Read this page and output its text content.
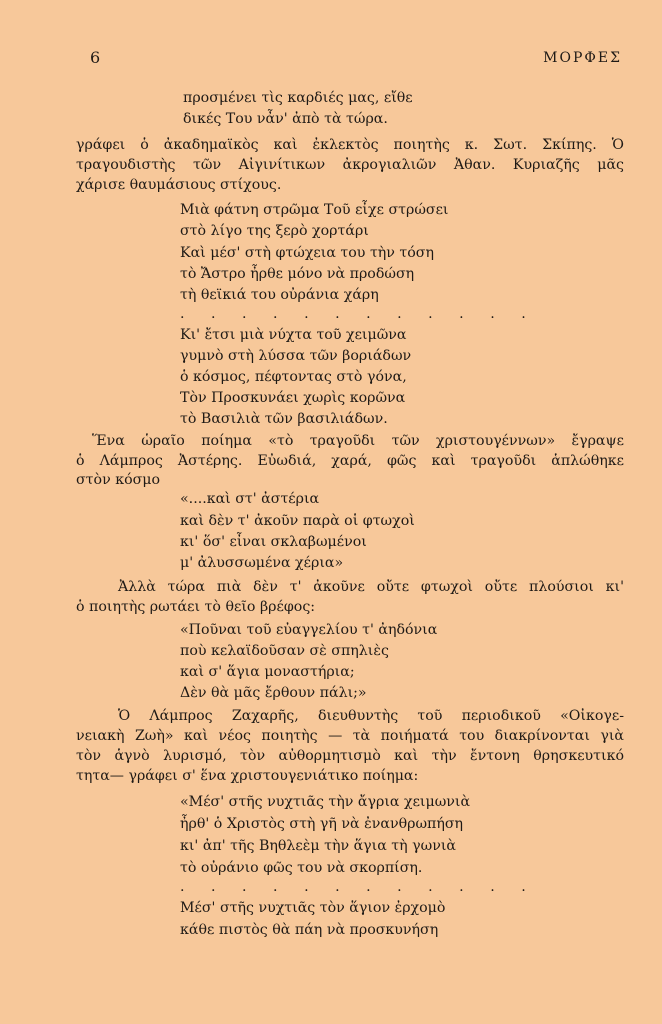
6	ΜΟΡΦΕΣ
προσμένει τὶς καρδιές μας, εἴθε
δικές Του νἆν' ἀπὸ τὰ τώρα.
γράφει ὁ ἀκαδημαϊκὸς καὶ ἐκλεκτὸς ποιητὴς κ. Σωτ. Σκίπης. Ὁ
τραγουδιστὴς τῶν Αἰγινίτικων ἀκρογιαλιῶν Ἀθαν. Κυριαζῆς μᾶς
χάρισε θαυμάσιους στίχους.
Μιὰ φάτνη στρῶμα Τοῦ εἶχε στρώσει
στὸ λίγο της ξερὸ χορτάρι
Καὶ μέσ' στὴ φτώχεια του τὴν τόση
τὸ Ἄστρο ἦρθε μόνο νὰ προδώση
τὴ θεϊκιά του οὐράνια χάρη
. . . . . . . . . . . .
Κι' ἔτσι μιὰ νύχτα τοῦ χειμῶνα
γυμνὸ στὴ λύσσα τῶν βοριάδων
ὁ κόσμος, πέφτοντας στὸ γόνα,
Τὸν Προσκυνάει χωρὶς κορῶνα
τὸ Βασιλιὰ τῶν βασιλιάδων.
Ἕνα ὡραῖο ποίημα «τὸ τραγοῦδι τῶν χριστουγέννων» ἔγραψε
ὁ Λάμπρος Ἀστέρης. Εὐωδιά, χαρά, φῶς καὶ τραγοῦδι ἁπλώθηκε
στὸν κόσμο
«....καὶ στ' ἀστέρια
καὶ δὲν τ' ἀκοῦν παρὰ οἱ φτωχοὶ
κι' ὅσ' εἶναι σκλαβωμένοι
μ' ἀλυσσωμένα χέρια»
Ἀλλὰ τώρα πιὰ δὲν τ' ἀκοῦνε οὔτε φτωχοὶ οὔτε πλούσιοι κι'
ὁ ποιητὴς ρωτάει τὸ θεῖο βρέφος:
«Ποῦναι τοῦ εὐαγγελίου τ' ἀηδόνια
ποὺ κελαϊδοῦσαν σὲ σπηλιὲς
καὶ σ' ἅγια μοναστήρια;
Δὲν θὰ μᾶς ἔρθουν πάλι;»
Ὁ Λάμπρος Ζαχαρῆς, διευθυντὴς τοῦ περιοδικοῦ «Οἰκογε-
νειακὴ Ζωὴ» καὶ νέος ποιητὴς — τὰ ποιήματά του διακρίνονται γιὰ
τὸν ἁγνὸ λυρισμό, τὸν αὐθορμητισμὸ καὶ τὴν ἔντονη θρησκευτικό
τητα— γράφει σ' ἕνα χριστουγενιάτικο ποίημα:
«Μέσ' στῆς νυχτιᾶς τὴν ἄγρια χειμωνιὰ
ἦρθ' ὁ Χριστὸς στὴ γῆ νὰ ἐνανθρωπήση
κι' ἀπ' τῆς Βηθλεὲμ τὴν ἅγια τὴ γωνιὰ
τὸ οὐράνιο φῶς του νὰ σκορπίση.
. . . . . . . . . . . .
Μέσ' στῆς νυχτιᾶς τὸν ἅγιον ἐρχομὸ
κάθε πιστὸς θὰ πάη νὰ προσκυνήση
